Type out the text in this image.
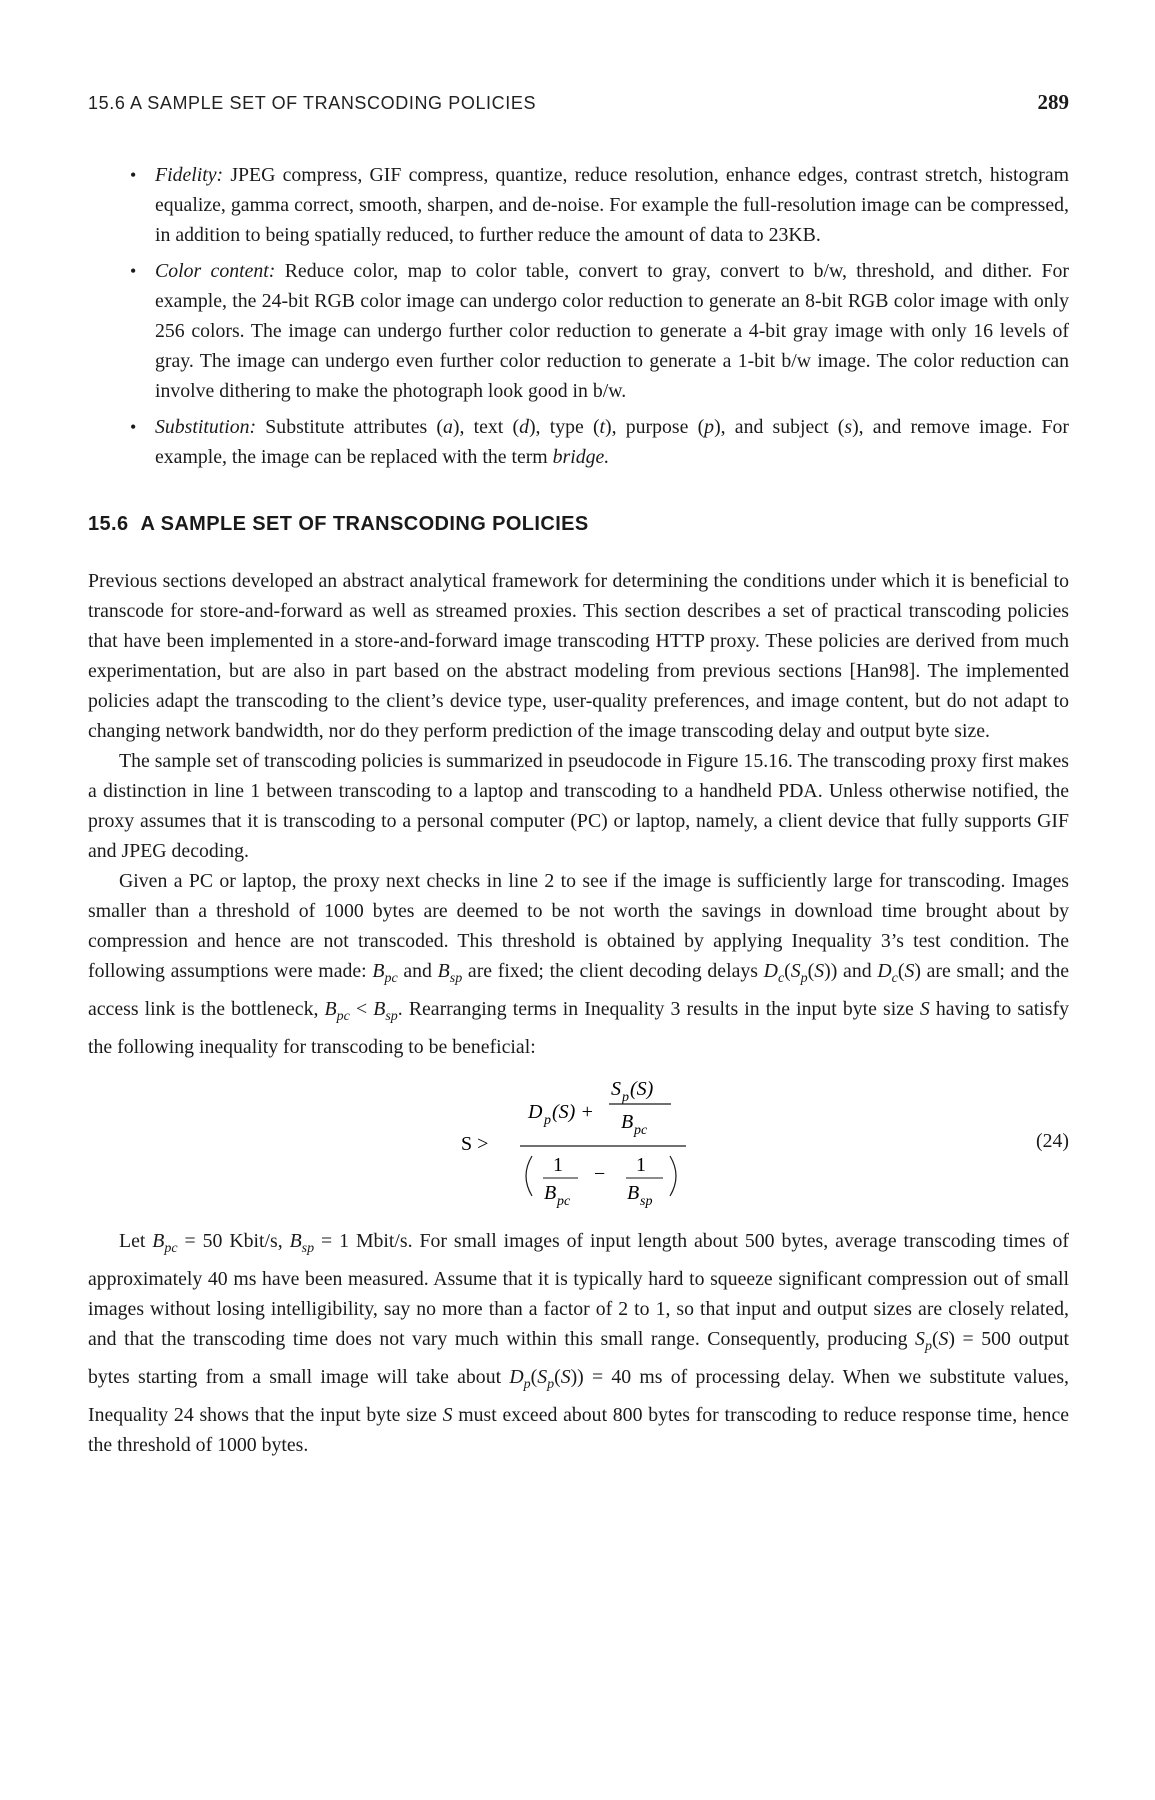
15.6 A SAMPLE SET OF TRANSCODING POLICIES	289
• Fidelity: JPEG compress, GIF compress, quantize, reduce resolution, enhance edges, contrast stretch, histogram equalize, gamma correct, smooth, sharpen, and de-noise. For example the full-resolution image can be compressed, in addition to being spatially reduced, to further reduce the amount of data to 23KB.
• Color content: Reduce color, map to color table, convert to gray, convert to b/w, threshold, and dither. For example, the 24-bit RGB color image can undergo color reduction to generate an 8-bit RGB color image with only 256 colors. The image can undergo further color reduction to generate a 4-bit gray image with only 16 levels of gray. The image can undergo even further color reduction to generate a 1-bit b/w image. The color reduction can involve dithering to make the photograph look good in b/w.
• Substitution: Substitute attributes (a), text (d), type (t), purpose (p), and subject (s), and remove image. For example, the image can be replaced with the term bridge.
15.6 A SAMPLE SET OF TRANSCODING POLICIES

Previous sections developed an abstract analytical framework for determining the conditions under which it is beneficial to transcode for store-and-forward as well as streamed proxies. This section describes a set of practical transcoding policies that have been implemented in a store-and-forward image transcoding HTTP proxy. These policies are derived from much experimentation, but are also in part based on the abstract modeling from previous sections [Han98]. The implemented policies adapt the transcoding to the client’s device type, user-quality preferences, and image content, but do not adapt to changing network bandwidth, nor do they perform prediction of the image transcoding delay and output byte size.

The sample set of transcoding policies is summarized in pseudocode in Figure 15.16. The transcoding proxy first makes a distinction in line 1 between transcoding to a laptop and transcoding to a handheld PDA. Unless otherwise notified, the proxy assumes that it is transcoding to a personal computer (PC) or laptop, namely, a client device that fully supports GIF and JPEG decoding.

Given a PC or laptop, the proxy next checks in line 2 to see if the image is sufficiently large for transcoding. Images smaller than a threshold of 1000 bytes are deemed to be not worth the savings in download time brought about by compression and hence are not transcoded. This threshold is obtained by applying Inequality 3’s test condition. The following assumptions were made: $B_{pc}$ and $B_{sp}$ are fixed; the client decoding delays $D_c(S_p(S))$ and $D_c(S)$ are small; and the access link is the bottleneck, $B_{pc} < B_{sp}$. Rearranging terms in Inequality 3 results in the input byte size S having to satisfy the following inequality for transcoding to be beneficial:

S >
D p (S) +
S p (S)
B pc
1
B pc
− 1
B sp
(24)

Let $B_{pc} = 50$ Kbit/s, $B_{sp} = 1$ Mbit/s. For small images of input length about 500 bytes, average transcoding times of approximately 40 ms have been measured. Assume that it is typically hard to squeeze significant compression out of small images without losing intelligibility, say no more than a factor of 2 to 1, so that input and output sizes are closely related, and that the transcoding time does not vary much within this small range. Consequently, producing $S_p(S) = 500$ output bytes starting from a small image will take about $D_p(S_p(S)) = 40$ ms of processing delay. When we substitute values, Inequality 24 shows that the input byte size S must exceed about 800 bytes for transcoding to reduce response time, hence the threshold of 1000 bytes.
